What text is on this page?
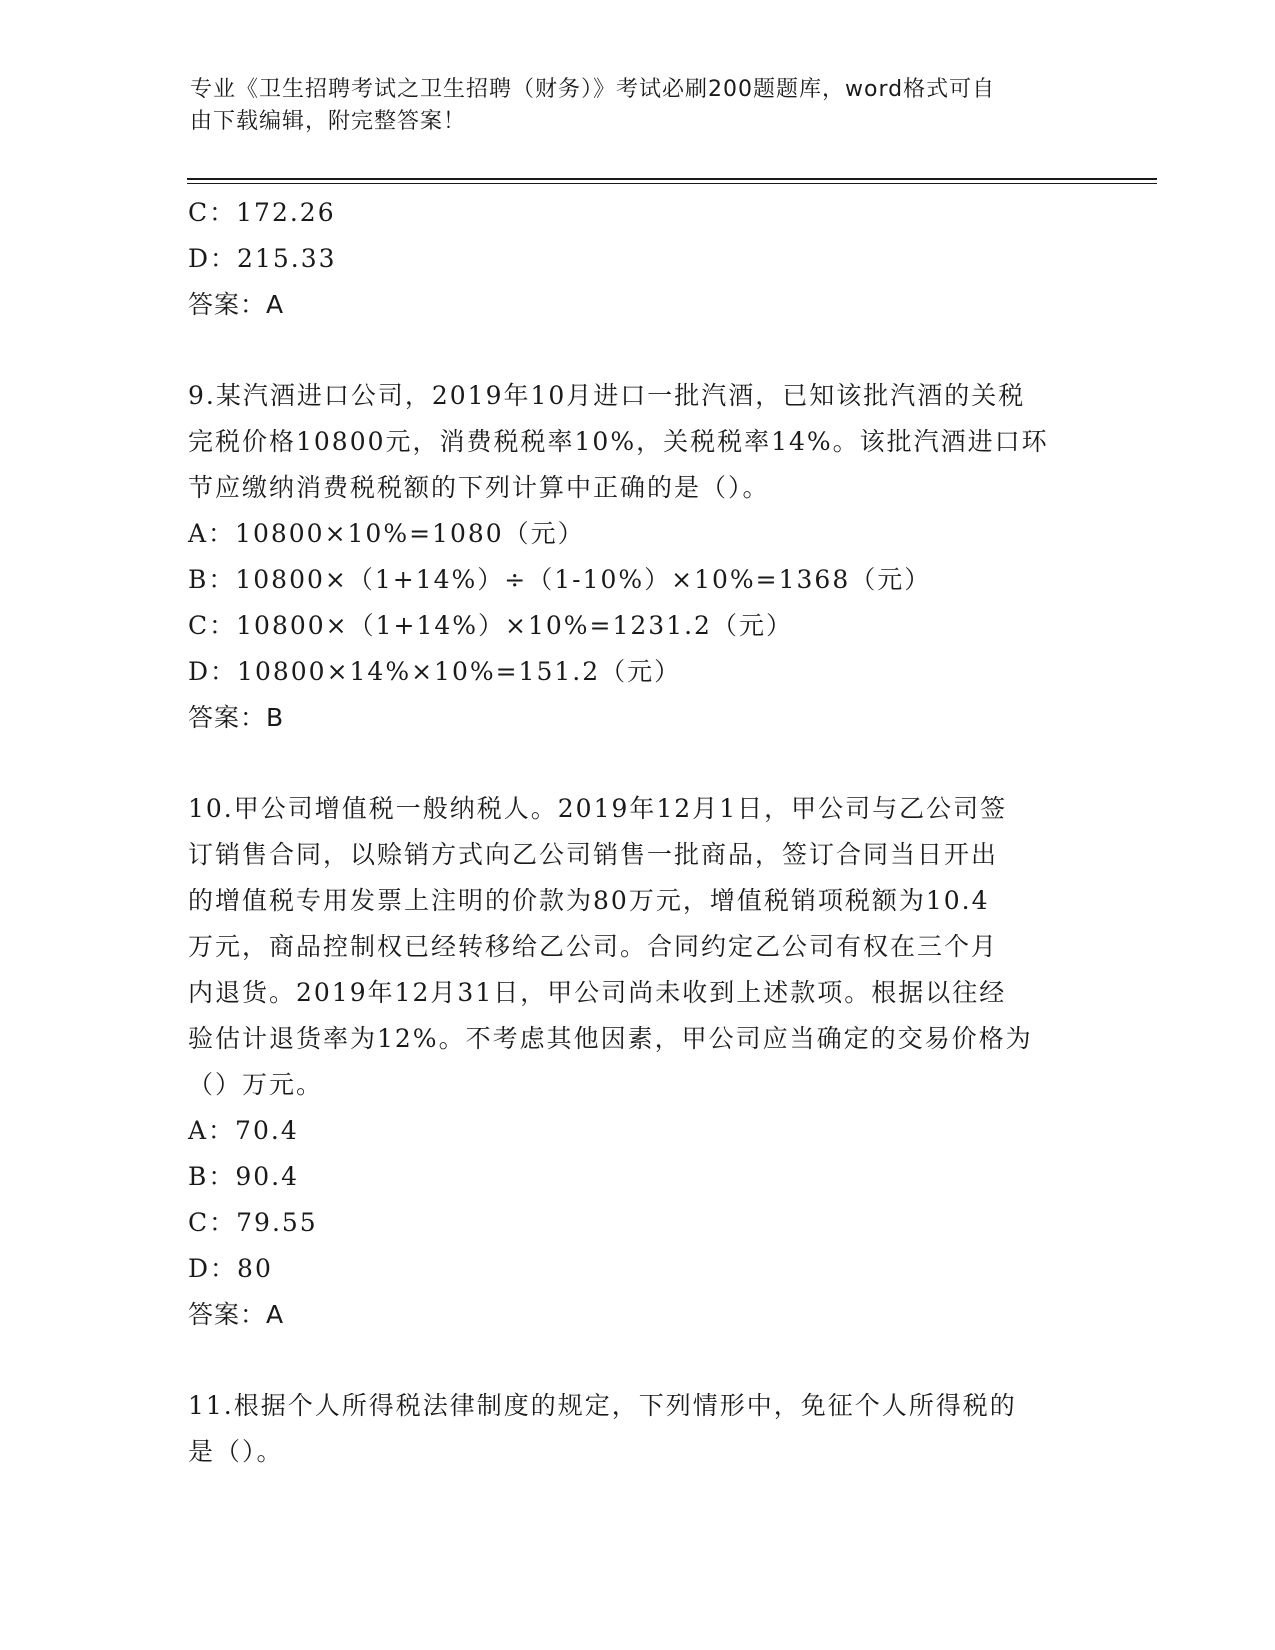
专业《卫生招聘考试之卫生招聘（财务）》考试必刷200题题库，word格式可自
由下载编辑，附完整答案！
C：172.26
D：215.33
答案：A
9.某汽酒进口公司，2019年10月进口一批汽酒，已知该批汽酒的关税
完税价格10800元，消费税税率10%，关税税率14%。该批汽酒进口环
节应缴纳消费税税额的下列计算中正确的是（）。
A：10800×10%=1080（元）
B：10800×（1+14%）÷（1-10%）×10%=1368（元）
C：10800×（1+14%）×10%=1231.2（元）
D：10800×14%×10%=151.2（元）
答案：B
10.甲公司增值税一般纳税人。2019年12月1日，甲公司与乙公司签
订销售合同，以赊销方式向乙公司销售一批商品，签订合同当日开出
的增值税专用发票上注明的价款为80万元，增值税销项税额为10.4
万元，商品控制权已经转移给乙公司。合同约定乙公司有权在三个月
内退货。2019年12月31日，甲公司尚未收到上述款项。根据以往经
验估计退货率为12%。不考虑其他因素，甲公司应当确定的交易价格为
（）万元。
A：70.4
B：90.4
C：79.55
D：80
答案：A
11.根据个人所得税法律制度的规定，下列情形中，免征个人所得税的
是（）。
